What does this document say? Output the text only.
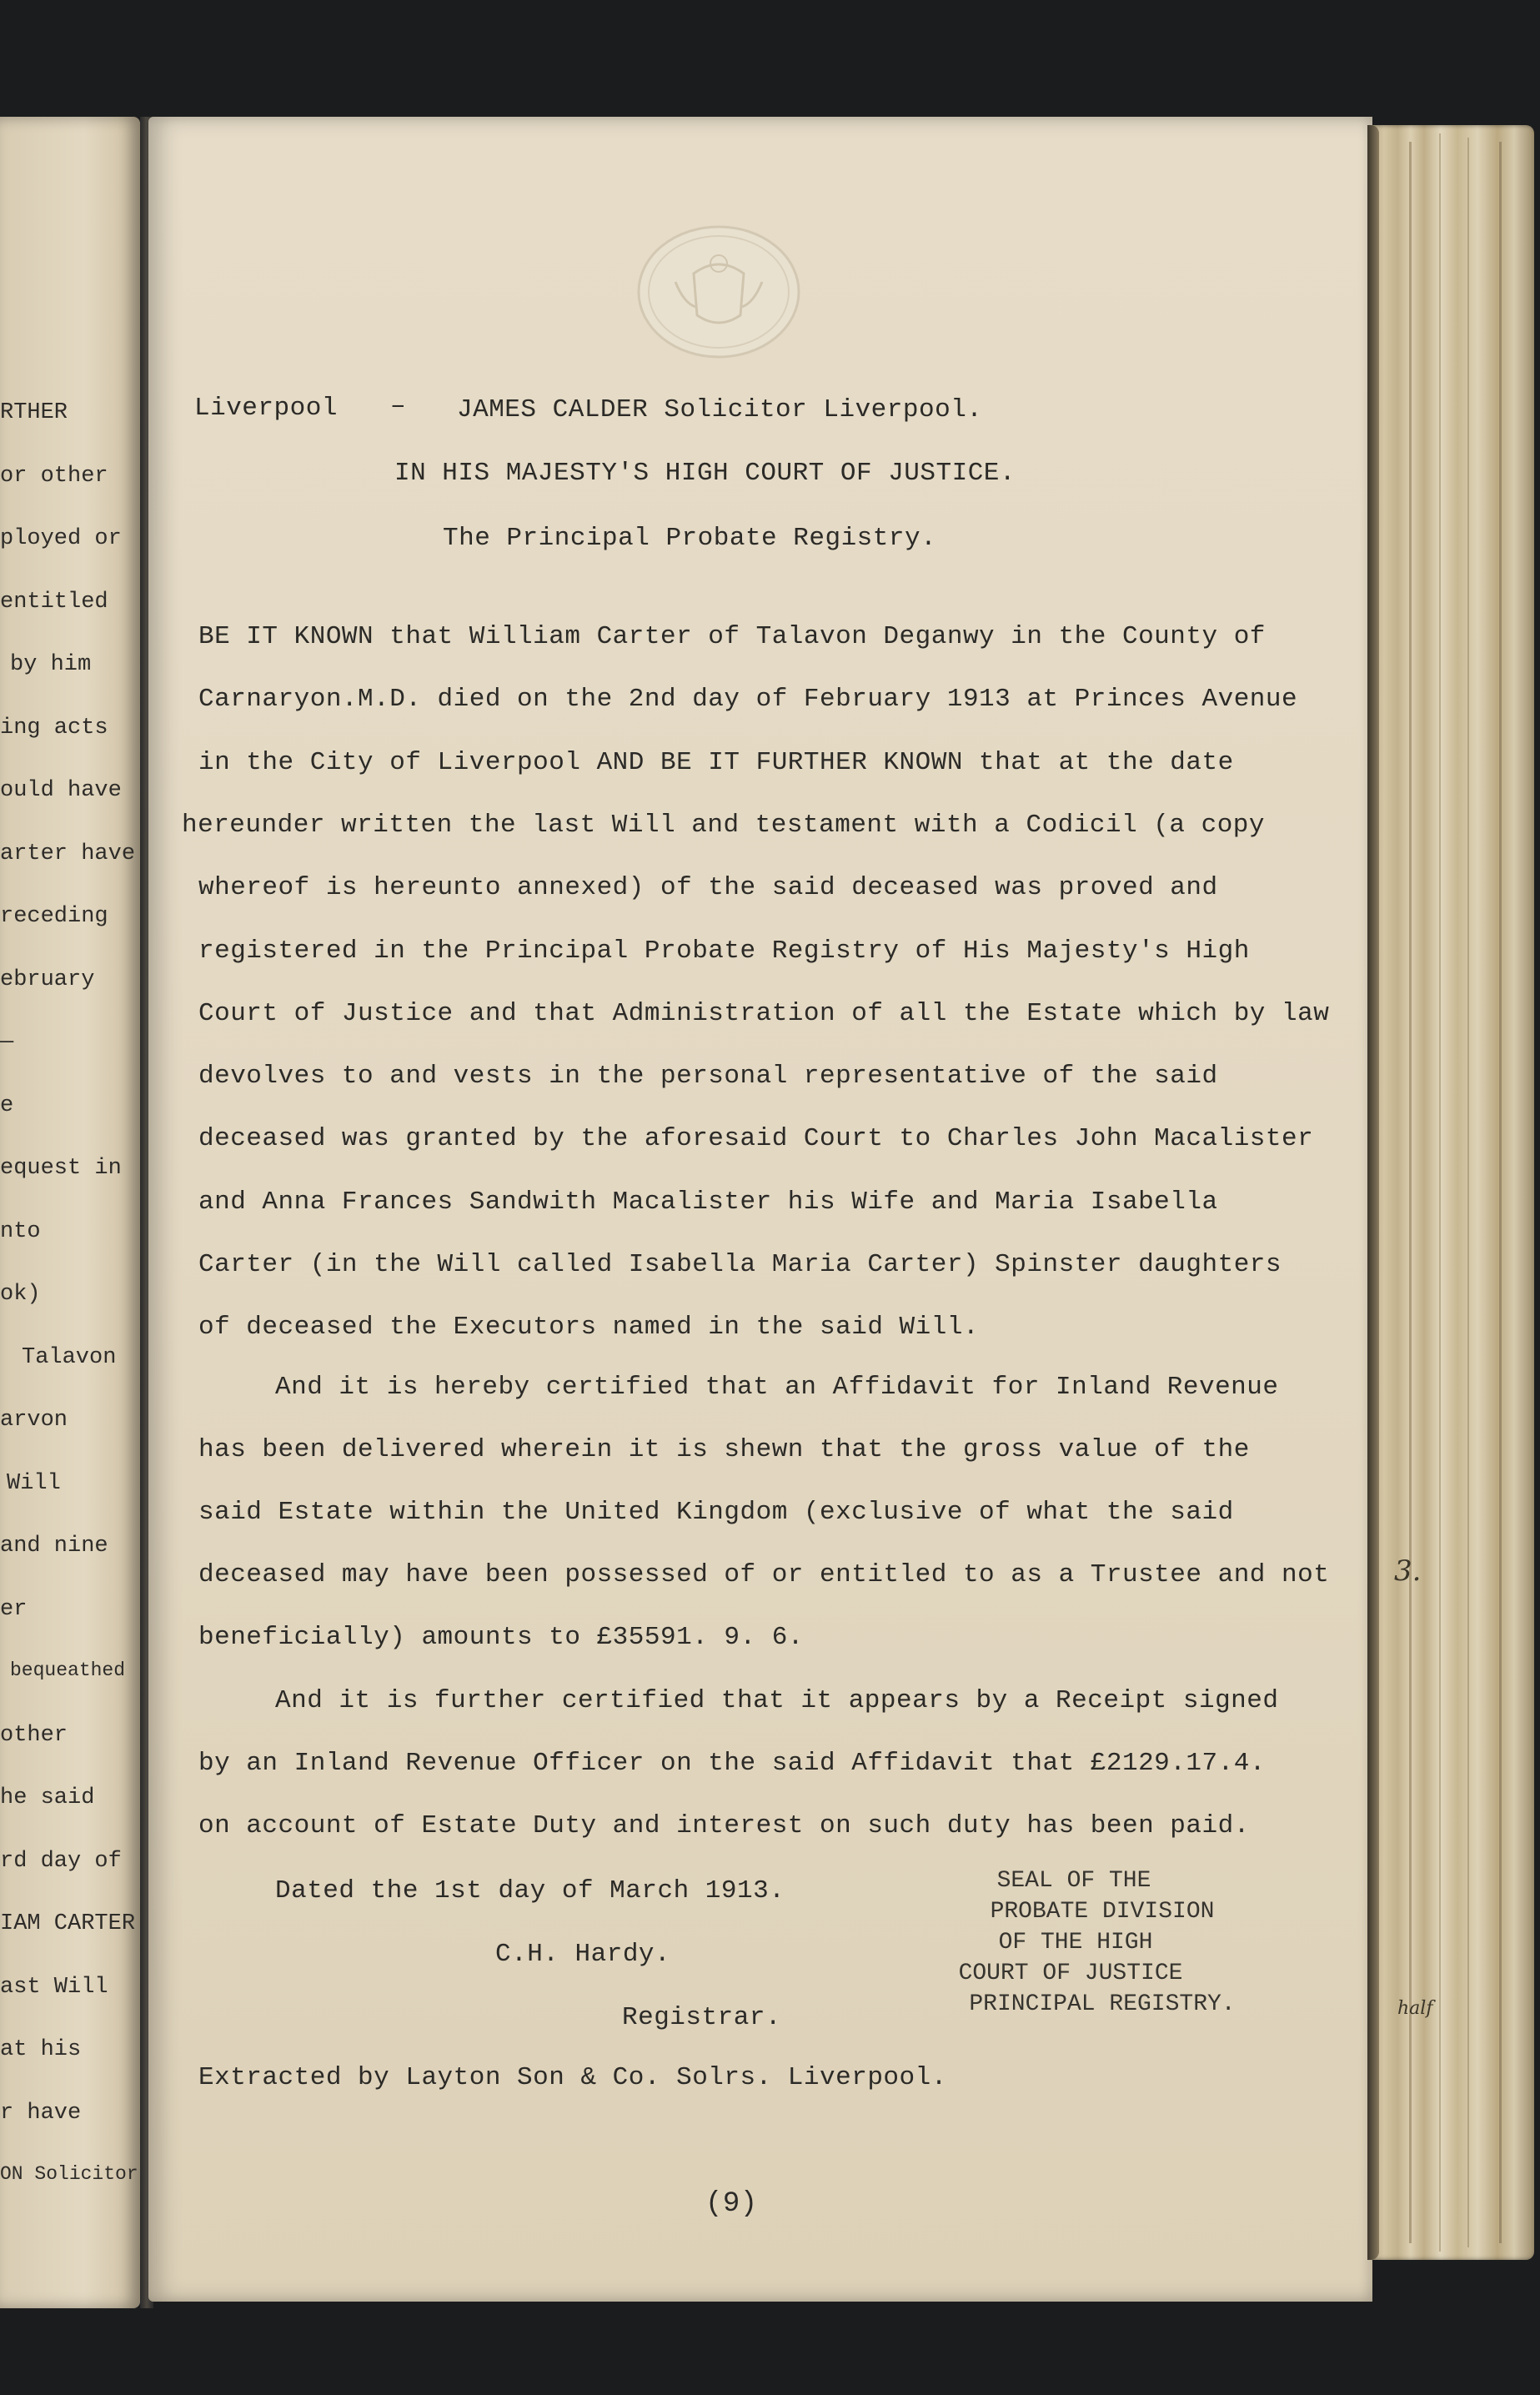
RTHER
or other
ployed or
entitled
by him
ing acts
ould have
arter have
receding
ebruary
—
e
equest in
nto
ok)
Talavon
arvon
Will
and nine
er
bequeathed
other
he said
rd day of
IAM CARTER
ast Will
at his
r have
ON Solicitor
Liverpool – JAMES CALDER Solicitor Liverpool.
IN HIS MAJESTY'S HIGH COURT OF JUSTICE.
The Principal Probate Registry.
BE IT KNOWN that William Carter of Talavon Deganwy in the County of
Carnaryon.M.D. died on the 2nd day of February 1913 at Princes Avenue
in the City of Liverpool AND BE IT FURTHER KNOWN that at the date
hereunder written the last Will and testament with a Codicil (a copy
whereof is hereunto annexed) of the said deceased was proved and
registered in the Principal Probate Registry of His Majesty's High
Court of Justice and that Administration of all the Estate which by law
devolves to and vests in the personal representative of the said
deceased was granted by the aforesaid Court to Charles John Macalister
and Anna Frances Sandwith Macalister his Wife and Maria Isabella
Carter (in the Will called Isabella Maria Carter) Spinster daughters
of deceased the Executors named in the said Will.
And it is hereby certified that an Affidavit for Inland Revenue
has been delivered wherein it is shewn that the gross value of the
said Estate within the United Kingdom (exclusive of what the said
deceased may have been possessed of or entitled to as a Trustee and not
beneficially) amounts to £35591. 9. 6.
And it is further certified that it appears by a Receipt signed
by an Inland Revenue Officer on the said Affidavit that £2129.17.4.
on account of Estate Duty and interest on such duty has been paid.
Dated the 1st day of March 1913.
C.H. Hardy.
Registrar.
Extracted by Layton Son & Co. Solrs. Liverpool.
SEAL OF THE
PROBATE DIVISION
OF THE HIGH
COURT OF JUSTICE
PRINCIPAL REGISTRY.
(9)
3.
half
